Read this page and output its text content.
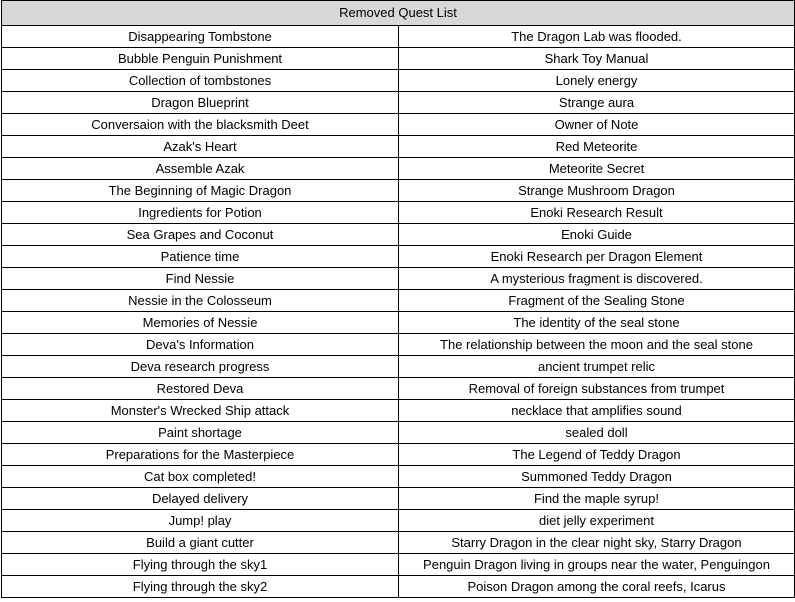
Removed Quest List	
Disappearing Tombstone	The Dragon Lab was flooded.
Bubble Penguin Punishment	Shark Toy Manual
Collection of tombstones	Lonely energy
Dragon Blueprint	Strange aura
Conversaion with the blacksmith Deet	Owner of Note
Azak's Heart	Red Meteorite
Assemble Azak	Meteorite Secret
The Beginning of Magic Dragon	Strange Mushroom Dragon
Ingredients for Potion	Enoki Research Result
Sea Grapes and Coconut	Enoki Guide
Patience time	Enoki Research per Dragon Element
Find Nessie	A mysterious fragment is discovered.
Nessie in the Colosseum	Fragment of the Sealing Stone
Memories of Nessie	The identity of the seal stone
Deva's Information	The relationship between the moon and the seal stone
Deva research progress	ancient trumpet relic
Restored Deva	Removal of foreign substances from trumpet
Monster's Wrecked Ship attack	necklace that amplifies sound
Paint shortage	sealed doll
Preparations for the Masterpiece	The Legend of Teddy Dragon
Cat box completed!	Summoned Teddy Dragon
Delayed delivery	Find the maple syrup!
Jump! play	diet jelly experiment
Build a giant cutter	Starry Dragon in the clear night sky, Starry Dragon
Flying through the sky1	Penguin Dragon living in groups near the water, Penguingon
Flying through the sky2	Poison Dragon among the coral reefs, Icarus
